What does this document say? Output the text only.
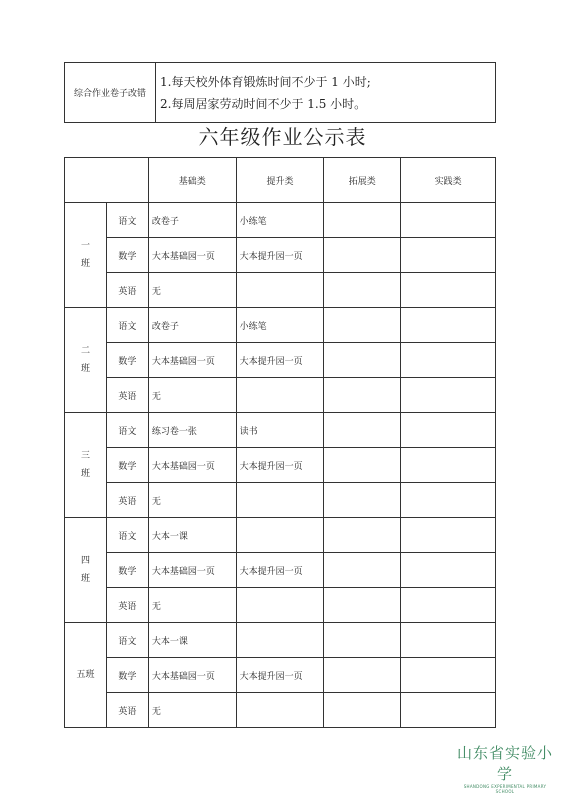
综合作业卷子改错	
1.每天校外体育锻炼时间不少于 1 小时;
2.每周居家劳动时间不少于 1.5 小时。
六年级作业公示表
		基础类	提升类	拓展类	实践类

一
班	语文	改卷子	小练笔		
	数学	大本基础园一页	大本提升园一页		
	英语	无			

二
班	语文	改卷子	小练笔		
	数学	大本基础园一页	大本提升园一页		
	英语	无			

三
班	语文	练习卷一张	读书		
	数学	大本基础园一页	大本提升园一页		
	英语	无			

四
班	语文	大本一课			
	数学	大本基础园一页	大本提升园一页		
	英语	无			

五班	语文	大本一课			
	数学	大本基础园一页	大本提升园一页		
	英语	无			
山东省实验小学
SHANDONG EXPERIMENTAL PRIMARY SCHOOL
